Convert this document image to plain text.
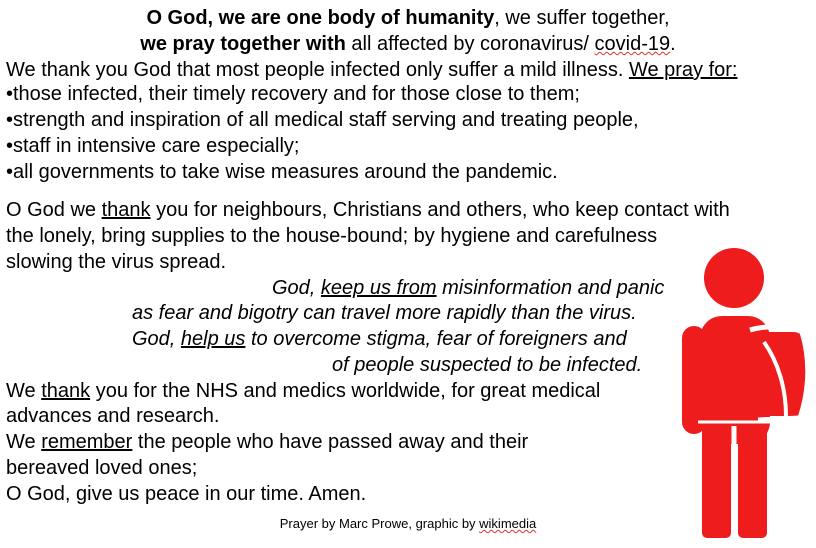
O God, we are one body of humanity, we suffer together,
we pray together with all affected by coronavirus/ covid-19.
We thank you God that most people infected only suffer a mild illness. We pray for:
•those infected, their timely recovery and for those close to them;
•strength and inspiration of all medical staff serving and treating people,
•staff in intensive care especially;
•all governments to take wise measures around the pandemic.
O God we thank you for neighbours, Christians and others, who keep contact with
the lonely, bring supplies to the house-bound; by hygiene and carefulness
slowing the virus spread.
God, keep us from misinformation and panic
as fear and bigotry can travel more rapidly than the virus.
God, help us to overcome stigma, fear of foreigners and
of people suspected to be infected.
We thank you for the NHS and medics worldwide, for great medical
advances and research.
We remember the people who have passed away and their
bereaved loved ones;
O God, give us peace in our time. Amen.
Prayer by Marc Prowe, graphic by wikimedia
